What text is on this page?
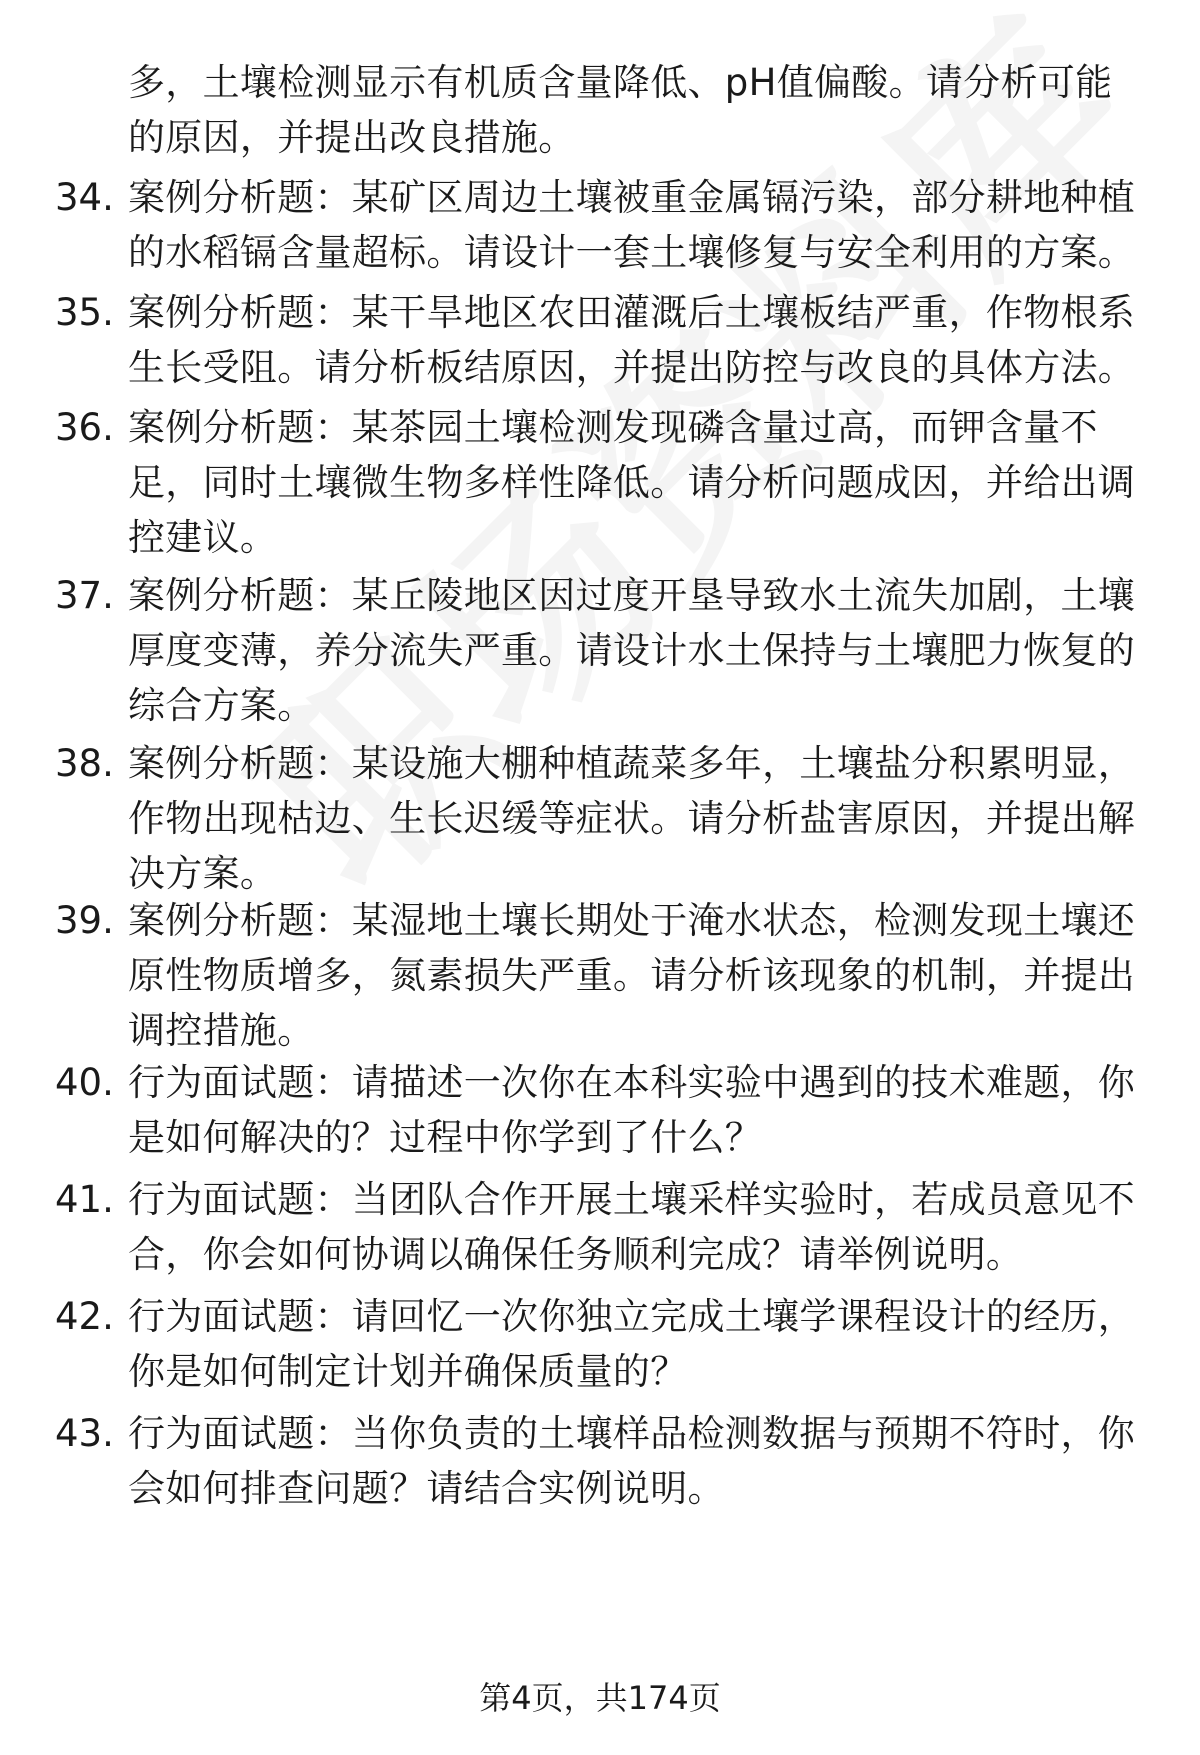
多，土壤检测显示有机质含量降低、pH值偏酸。请分析可能的原因，并提出改良措施。
34. 案例分析题：某矿区周边土壤被重金属镉污染，部分耕地种植的水稻镉含量超标。请设计一套土壤修复与安全利用的方案。
35. 案例分析题：某干旱地区农田灌溉后土壤板结严重，作物根系生长受阻。请分析板结原因，并提出防控与改良的具体方法。
36. 案例分析题：某茶园土壤检测发现磷含量过高，而钾含量不足，同时土壤微生物多样性降低。请分析问题成因，并给出调控建议。
37. 案例分析题：某丘陵地区因过度开垦导致水土流失加剧，土壤厚度变薄，养分流失严重。请设计水土保持与土壤肥力恢复的综合方案。
38. 案例分析题：某设施大棚种植蔬菜多年，土壤盐分积累明显，作物出现枯边、生长迟缓等症状。请分析盐害原因，并提出解决方案。
39. 案例分析题：某湿地土壤长期处于淹水状态，检测发现土壤还原性物质增多，氮素损失严重。请分析该现象的机制，并提出调控措施。
40. 行为面试题：请描述一次你在本科实验中遇到的技术难题，你是如何解决的？过程中你学到了什么？
41. 行为面试题：当团队合作开展土壤采样实验时，若成员意见不合，你会如何协调以确保任务顺利完成？请举例说明。
42. 行为面试题：请回忆一次你独立完成土壤学课程设计的经历，你是如何制定计划并确保质量的？
43. 行为面试题：当你负责的土壤样品检测数据与预期不符时，你会如何排查问题？请结合实例说明。
第4页，共174页
